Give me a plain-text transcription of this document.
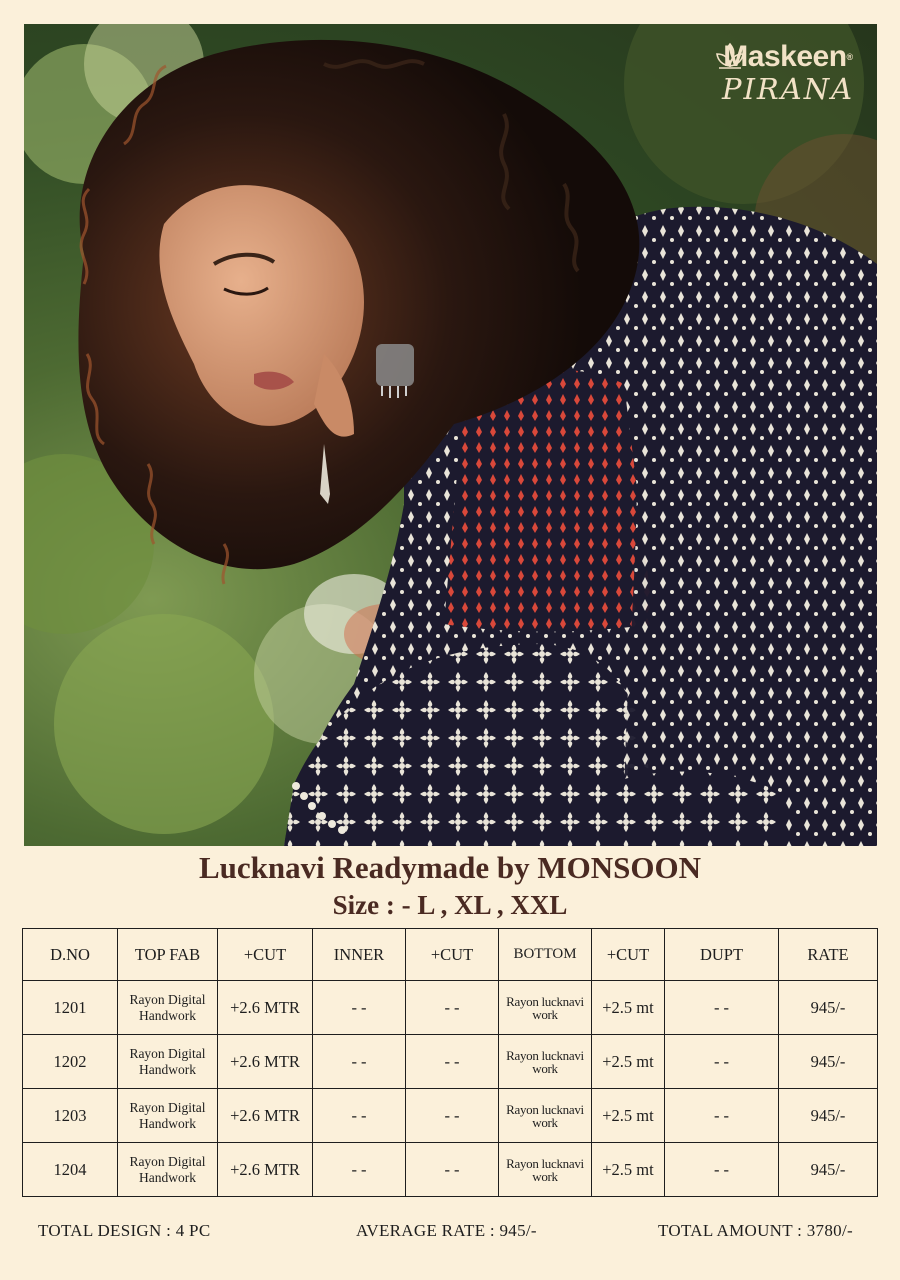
Maskeen®
PIRANA
Lucknavi Readymade by MONSOON
Size : - L , XL , XXL
D.NO	TOP FAB	+CUT	INNER	+CUT	BOTTOM	+CUT	DUPT	RATE
1201	Rayon Digital Handwork	+2.6 MTR	- -	- -	Rayon lucknavi work	+2.5 mt	- -	945/-
1202	Rayon Digital Handwork	+2.6 MTR	- -	- -	Rayon lucknavi work	+2.5 mt	- -	945/-
1203	Rayon Digital Handwork	+2.6 MTR	- -	- -	Rayon lucknavi work	+2.5 mt	- -	945/-
1204	Rayon Digital Handwork	+2.6 MTR	- -	- -	Rayon lucknavi work	+2.5 mt	- -	945/-
TOTAL DESIGN : 4 PC	AVERAGE RATE : 945/-	TOTAL AMOUNT : 3780/-
